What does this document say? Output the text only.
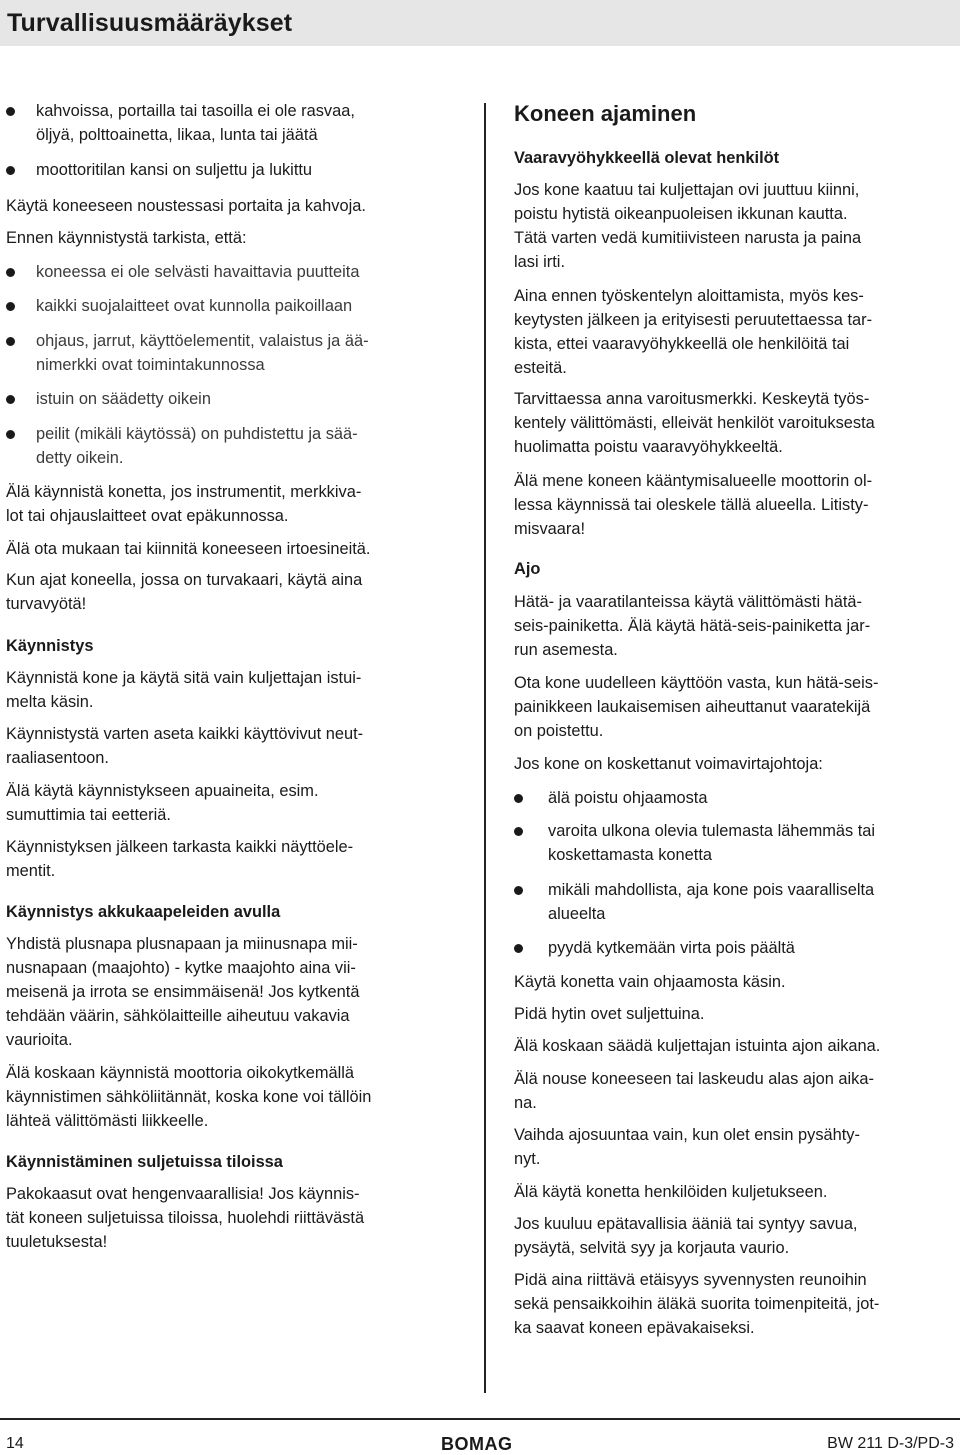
Turvallisuusmääräykset
kahvoissa, portailla tai tasoilla ei ole rasvaa,
öljyä, polttoainetta, likaa, lunta tai jäätä
moottoritilan kansi on suljettu ja lukittu
Käytä koneeseen noustessasi portaita ja kahvoja.
Ennen käynnistystä tarkista, että:
koneessa ei ole selvästi havaittavia puutteita
kaikki suojalaitteet ovat kunnolla paikoillaan
ohjaus, jarrut, käyttöelementit, valaistus ja ää-
nimerkki ovat toimintakunnossa
istuin on säädetty oikein
peilit (mikäli käytössä) on puhdistettu ja sää-
detty oikein.
Älä käynnistä konetta, jos instrumentit, merkkiva-
lot tai ohjauslaitteet ovat epäkunnossa.
Älä ota mukaan tai kiinnitä koneeseen irtoesineitä.
Kun ajat koneella, jossa on turvakaari, käytä aina
turvavyötä!
Käynnistys
Käynnistä kone ja käytä sitä vain kuljettajan istui-
melta käsin.
Käynnistystä varten aseta kaikki käyttövivut neut-
raaliasentoon.
Älä käytä käynnistykseen apuaineita, esim.
sumuttimia tai eetteriä.
Käynnistyksen jälkeen tarkasta kaikki näyttöele-
mentit.
Käynnistys akkukaapeleiden avulla
Yhdistä plusnapa plusnapaan ja miinusnapa mii-
nusnapaan (maajohto) - kytke maajohto aina vii-
meisenä ja irrota se ensimmäisenä! Jos kytkentä
tehdään väärin, sähkölaitteille aiheutuu vakavia
vaurioita.
Älä koskaan käynnistä moottoria oikokytkemällä
käynnistimen sähköliitännät, koska kone voi tällöin
lähteä välittömästi liikkeelle.
Käynnistäminen suljetuissa tiloissa
Pakokaasut ovat hengenvaarallisia! Jos käynnis-
tät koneen suljetuissa tiloissa, huolehdi riittävästä
tuuletuksesta!
Koneen ajaminen
Vaaravyöhykkeellä olevat henkilöt
Jos kone kaatuu tai kuljettajan ovi juuttuu kiinni,
poistu hytistä oikeanpuoleisen ikkunan kautta.
Tätä varten vedä kumitiivisteen narusta ja paina
lasi irti.
Aina ennen työskentelyn aloittamista, myös kes-
keytysten jälkeen ja erityisesti peruutettaessa tar-
kista, ettei vaaravyöhykkeellä ole henkilöitä tai
esteitä.
Tarvittaessa anna varoitusmerkki. Keskeytä työs-
kentely välittömästi, elleivät henkilöt varoituksesta
huolimatta poistu vaaravyöhykkeeltä.
Älä mene koneen kääntymisalueelle moottorin ol-
lessa käynnissä tai oleskele tällä alueella. Litisty-
misvaara!
Ajo
Hätä- ja vaaratilanteissa käytä välittömästi hätä-
seis-painiketta. Älä käytä hätä-seis-painiketta jar-
run asemesta.
Ota kone uudelleen käyttöön vasta, kun hätä-seis-
painikkeen laukaisemisen aiheuttanut vaaratekijä
on poistettu.
Jos kone on koskettanut voimavirtajohtoja:
älä poistu ohjaamosta
varoita ulkona olevia tulemasta lähemmäs tai
koskettamasta konetta
mikäli mahdollista, aja kone pois vaaralliselta
alueelta
pyydä kytkemään virta pois päältä
Käytä konetta vain ohjaamosta käsin.
Pidä hytin ovet suljettuina.
Älä koskaan säädä kuljettajan istuinta ajon aikana.
Älä nouse koneeseen tai laskeudu alas ajon aika-
na.
Vaihda ajosuuntaa vain, kun olet ensin pysähty-
nyt.
Älä käytä konetta henkilöiden kuljetukseen.
Jos kuuluu epätavallisia ääniä tai syntyy savua,
pysäytä, selvitä syy ja korjauta vaurio.
Pidä aina riittävä etäisyys syvennysten reunoihin
sekä pensaikkoihin äläkä suorita toimenpiteitä, jot-
ka saavat koneen epävakaiseksi.
14	BOMAG	BW 211 D-3/PD-3
